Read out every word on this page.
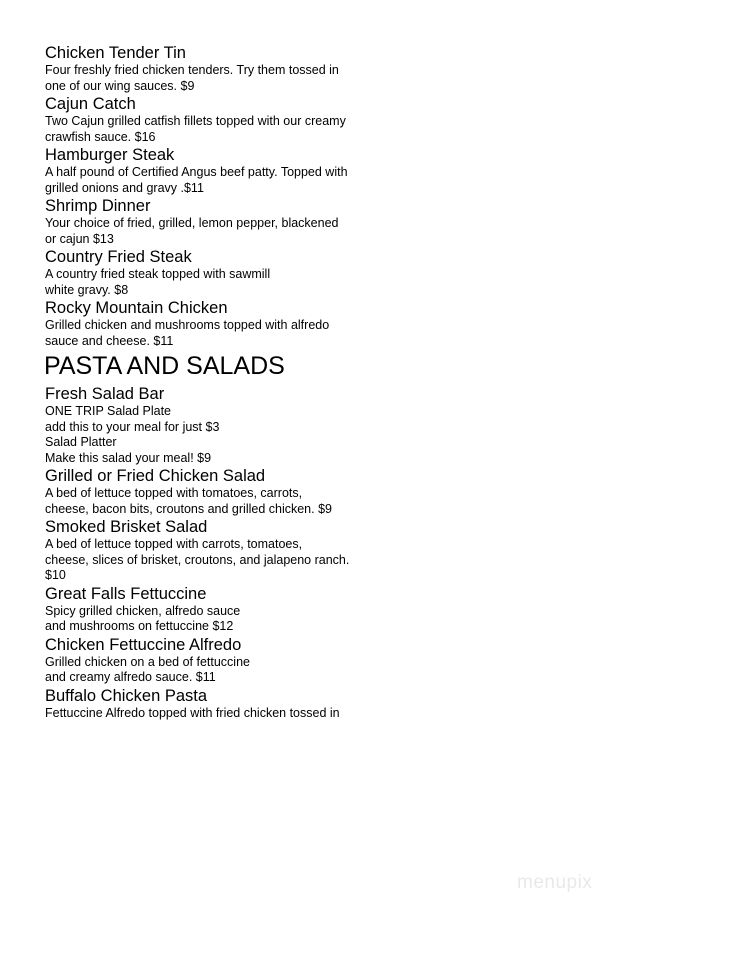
Chicken Tender Tin
Four freshly fried chicken tenders. Try them tossed in
one of our wing sauces. $9
Cajun Catch
Two Cajun grilled catfish fillets topped with our creamy
crawfish sauce. $16
Hamburger Steak
A half pound of Certified Angus beef patty. Topped with
grilled onions and gravy .$11
Shrimp Dinner
Your choice of fried, grilled, lemon pepper, blackened
or cajun $13
Country Fried Steak
A country fried steak topped with sawmill
white gravy. $8
Rocky Mountain Chicken
Grilled chicken and mushrooms topped with alfredo
sauce and cheese. $11
PASTA AND SALADS
Fresh Salad Bar
ONE TRIP Salad Plate
add this to your meal for just $3
Salad Platter
Make this salad your meal! $9
Grilled or Fried Chicken Salad
A bed of lettuce topped with tomatoes, carrots,
cheese, bacon bits, croutons and grilled chicken. $9
Smoked Brisket Salad
A bed of lettuce topped with carrots, tomatoes,
cheese, slices of brisket, croutons, and jalapeno ranch.
$10
Great Falls Fettuccine
Spicy grilled chicken, alfredo sauce
and mushrooms on fettuccine $12
Chicken Fettuccine Alfredo
Grilled chicken on a bed of fettuccine
and creamy alfredo sauce. $11
Buffalo Chicken Pasta
Fettuccine Alfredo topped with fried chicken tossed in
menupix
